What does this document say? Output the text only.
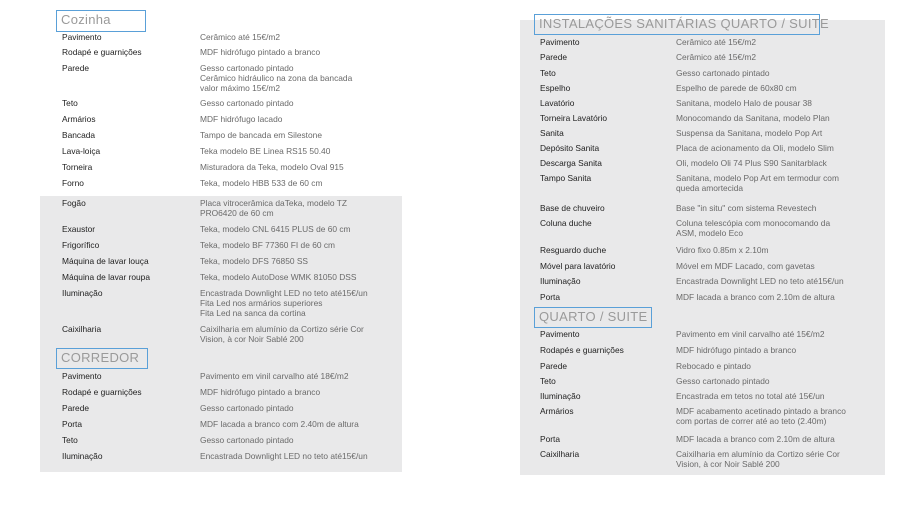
Cozinha
Pavimento	Cerâmico até 15€/m2
Rodapé e guarnições	MDF hidrófugo pintado a branco
Parede	Gesso cartonado pintado
Cerâmico hidráulico na zona da bancada
valor máximo 15€/m2
Teto	Gesso cartonado pintado
Armários	MDF hidrófugo lacado
Bancada	Tampo de bancada em Silestone
Lava-loiça	Teka modelo BE Linea RS15 50.40
Torneira	Misturadora da Teka, modelo Oval 915
Forno	Teka, modelo HBB 533 de 60 cm
Fogão	Placa vitrocerâmica daTeka, modelo TZ
PRO6420 de 60 cm
Exaustor	Teka, modelo CNL 6415 PLUS de 60 cm
Frigorífico	Teka, modelo BF 77360 FI de 60 cm
Máquina de lavar louça	Teka, modelo DFS 76850 SS
Máquina de lavar roupa	Teka, modelo AutoDose WMK 81050 DSS
Iluminação	Encastrada Downlight LED no teto até15€/un
Fita Led nos armários superiores
Fita Led na sanca da cortina
Caixilharia	Caixilharia em alumínio da Cortizo série Cor
Vision, à cor Noir Sablé 200
CORREDOR
Pavimento	Pavimento em vinil carvalho até 18€/m2
Rodapé e guarnições	MDF hidrófugo pintado a branco
Parede	Gesso cartonado pintado
Porta	MDF lacada a branco com 2.40m de altura
Teto	Gesso cartonado pintado
Iluminação	Encastrada Downlight LED no teto até15€/un
INSTALAÇÕES SANITÁRIAS QUARTO / SUITE
Pavimento	Cerâmico até 15€/m2
Parede	Cerâmico até 15€/m2
Teto	Gesso cartonado pintado
Espelho	Espelho de parede de 60x80 cm
Lavatório	Sanitana, modelo Halo de pousar 38
Torneira Lavatório	Monocomando da Sanitana, modelo Plan
Sanita	Suspensa da Sanitana, modelo Pop Art
Depósito Sanita	Placa de acionamento da Oli, modelo Slim
Descarga Sanita	Oli, modelo Oli 74 Plus S90 Sanitarblack
Tampo Sanita	Sanitana, modelo Pop Art em termodur com
queda amortecida
Base de chuveiro	Base "in situ" com sistema Revestech
Coluna duche	Coluna telescópia com monocomando da
ASM, modelo Eco
Resguardo duche	Vidro fixo 0.85m x 2.10m
Móvel para lavatório	Móvel em MDF Lacado, com gavetas
Iluminação	Encastrada Downlight LED no teto até15€/un
Porta	MDF lacada a branco com 2.10m de altura
QUARTO / SUITE
Pavimento	Pavimento em vinil carvalho até 15€/m2
Rodapés e guarnições	MDF hidrófugo pintado a branco
Parede	Rebocado e pintado
Teto	Gesso cartonado pintado
Iluminação	Encastrada em tetos no total até 15€/un
Armários	MDF acabamento acetinado pintado a branco
com portas de correr até ao teto (2.40m)
Porta	MDF lacada a branco com 2.10m de altura
Caixilharia	Caixilharia em alumínio da Cortizo série Cor
Vision, à cor Noir Sablé 200
